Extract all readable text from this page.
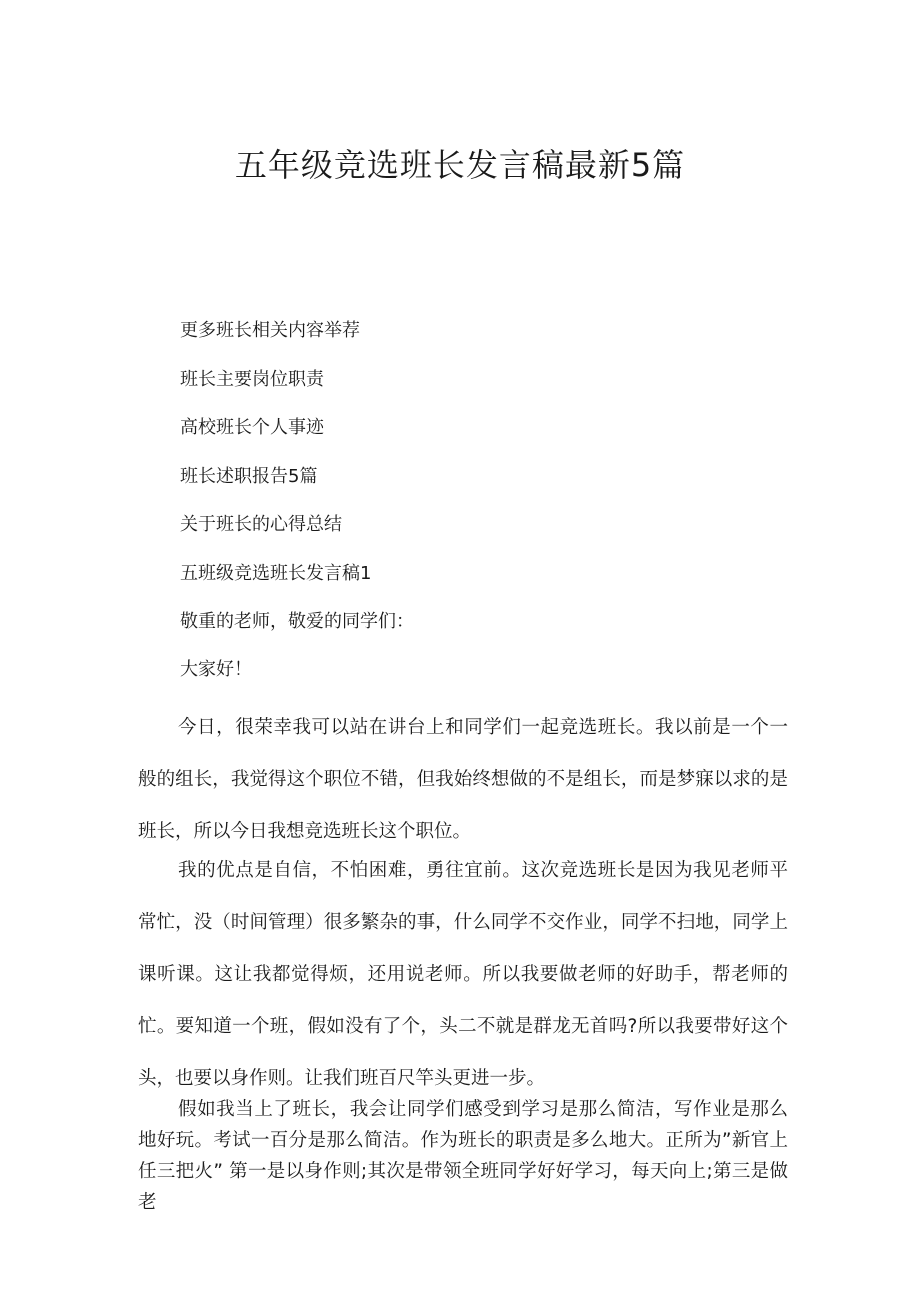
五年级竞选班长发言稿最新5篇
更多班长相关内容举荐
班长主要岗位职责
高校班长个人事迹
班长述职报告5篇
关于班长的心得总结
五班级竞选班长发言稿1

敬重的老师，敬爱的同学们：

大家好！

今日，很荣幸我可以站在讲台上和同学们一起竞选班长。我以前是一个一般的组长，我觉得这个职位不错，但我始终想做的不是组长，而是梦寐以求的是班长，所以今日我想竞选班长这个职位。

我的优点是自信，不怕困难，勇往宜前。这次竞选班长是因为我见老师平常忙，没（时间管理）很多繁杂的事，什么同学不交作业，同学不扫地，同学上课听课。这让我都觉得烦，还用说老师。所以我要做老师的好助手，帮老师的忙。要知道一个班，假如没有了个，头二不就是群龙无首吗?所以我要带好这个头，也要以身作则。让我们班百尺竿头更进一步。

假如我当上了班长，我会让同学们感受到学习是那么简洁，写作业是那么地好玩。考试一百分是那么简洁。作为班长的职责是多么地大。正所为”新官上任三把火” 第一是以身作则;其次是带领全班同学好好学习，每天向上;第三是做老
